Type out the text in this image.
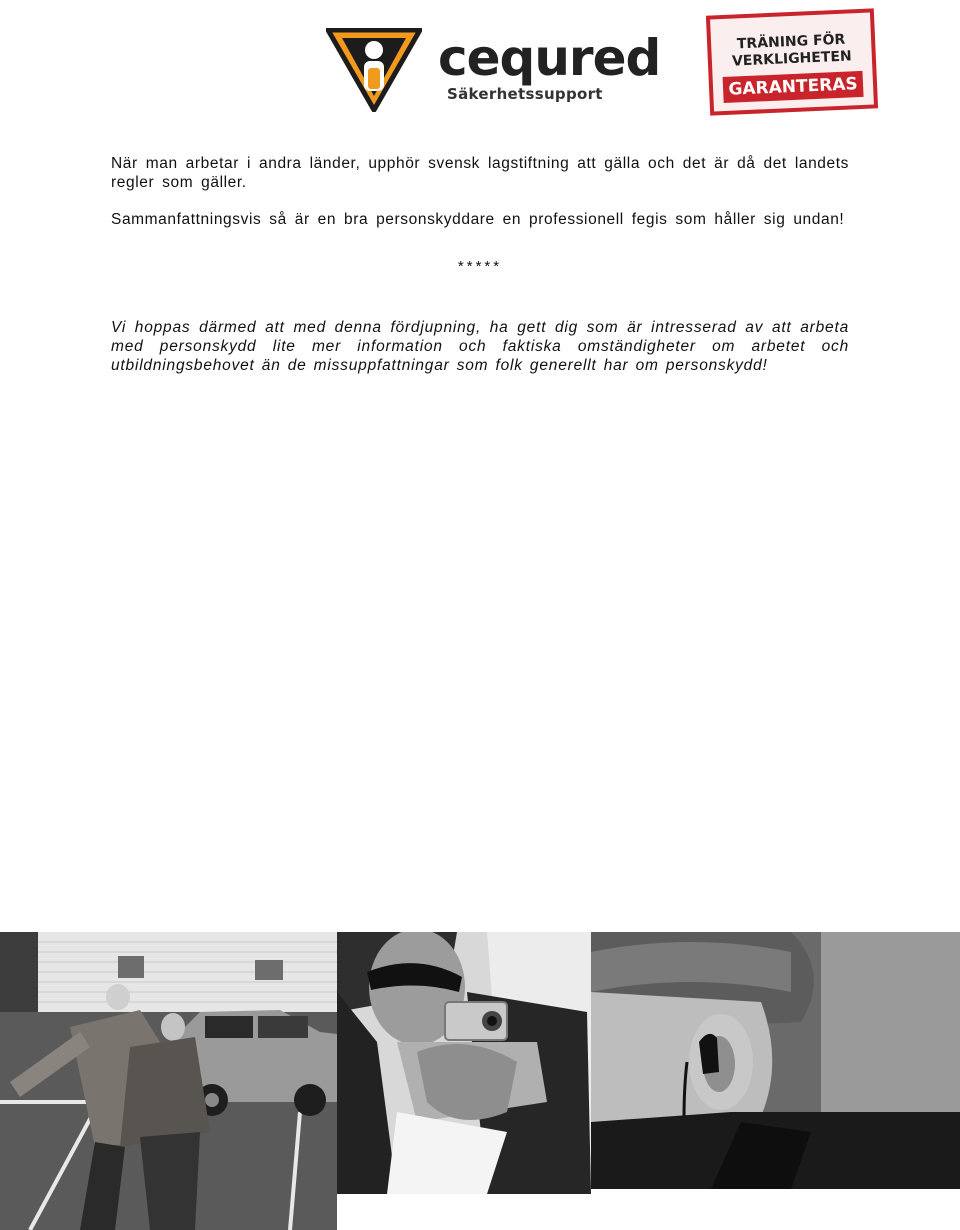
cequred
Säkerhetssupport
TRÄNING FÖR
VERKLIGHETEN
GARANTERAS

När man arbetar i andra länder, upphör svensk lagstiftning att gälla och det är då det landets regler som gäller.

Sammanfattningsvis så är en bra personskyddare en professionell fegis som håller sig undan!

*****

Vi hoppas därmed att med denna fördjupning, ha gett dig som är intresserad av att arbeta med personskydd lite mer information och faktiska omständigheter om arbetet och utbildningsbehovet än de missuppfattningar som folk generellt har om personskydd!
